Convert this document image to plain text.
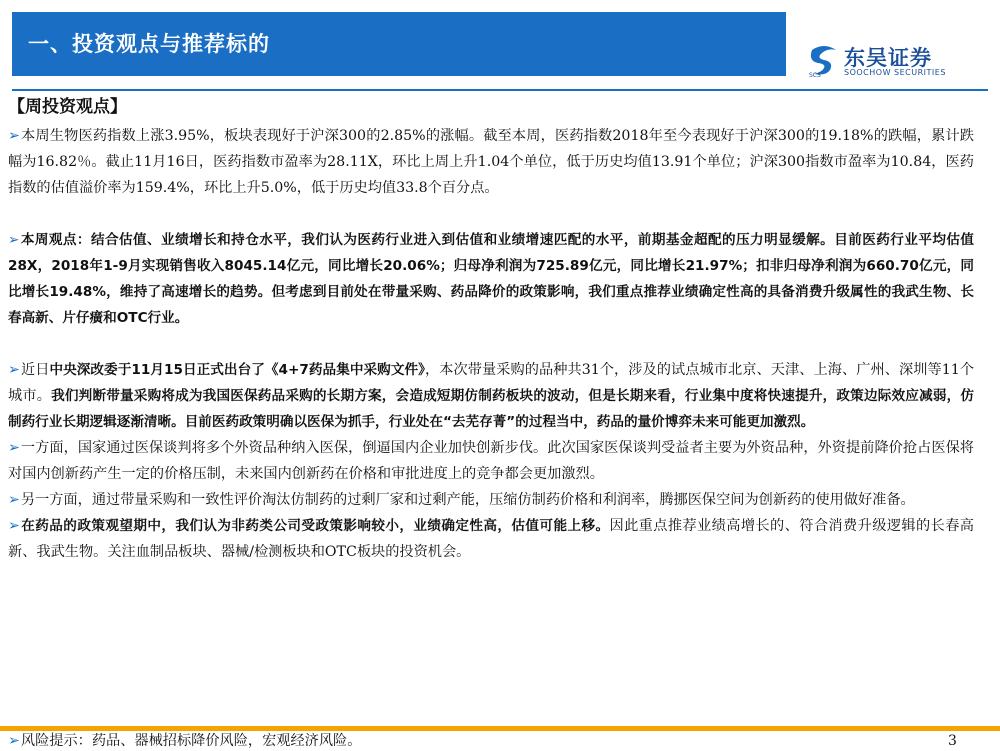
一、投资观点与推荐标的
SCS
东吴证券
SOOCHOW SECURITIES
【周投资观点】

➢本周生物医药指数上涨3.95%，板块表现好于沪深300的2.85%的涨幅。截至本周，医药指数2018年至今表现好于沪深300的19.18%的跌幅，累计跌幅为16.82％。截止11月16日，医药指数市盈率为28.11X，环比上周上升1.04个单位，低于历史均值13.91个单位；沪深300指数市盈率为10.84，医药指数的估值溢价率为159.4%，环比上升5.0%，低于历史均值33.8个百分点。

➢本周观点：结合估值、业绩增长和持仓水平，我们认为医药行业进入到估值和业绩增速匹配的水平，前期基金超配的压力明显缓解。目前医药行业平均估值28X，2018年1-9月实现销售收入8045.14亿元，同比增长20.06%；归母净利润为725.89亿元，同比增长21.97%；扣非归母净利润为660.70亿元，同比增长19.48%，维持了高速增长的趋势。但考虑到目前处在带量采购、药品降价的政策影响，我们重点推荐业绩确定性高的具备消费升级属性的我武生物、长春高新、片仔癀和OTC行业。

➢近日中央深改委于11月15日正式出台了《4+7药品集中采购文件》，本次带量采购的品种共31个，涉及的试点城市北京、天津、上海、广州、深圳等11个城市。我们判断带量采购将成为我国医保药品采购的长期方案，会造成短期仿制药板块的波动，但是长期来看，行业集中度将快速提升，政策边际效应减弱，仿制药行业长期逻辑逐渐清晰。目前医药政策明确以医保为抓手，行业处在“去芜存菁”的过程当中，药品的量价博弈未来可能更加激烈。

➢一方面，国家通过医保谈判将多个外资品种纳入医保，倒逼国内企业加快创新步伐。此次国家医保谈判受益者主要为外资品种，外资提前降价抢占医保将对国内创新药产生一定的价格压制，未来国内创新药在价格和审批进度上的竞争都会更加激烈。

➢另一方面，通过带量采购和一致性评价淘汰仿制药的过剩厂家和过剩产能，压缩仿制药价格和利润率，腾挪医保空间为创新药的使用做好准备。

➢在药品的政策观望期中，我们认为非药类公司受政策影响较小，业绩确定性高，估值可能上移。因此重点推荐业绩高增长的、符合消费升级逻辑的长春高新、我武生物。关注血制品板块、器械/检测板块和OTC板块的投资机会。

➢风险提示：药品、器械招标降价风险，宏观经济风险。	3
